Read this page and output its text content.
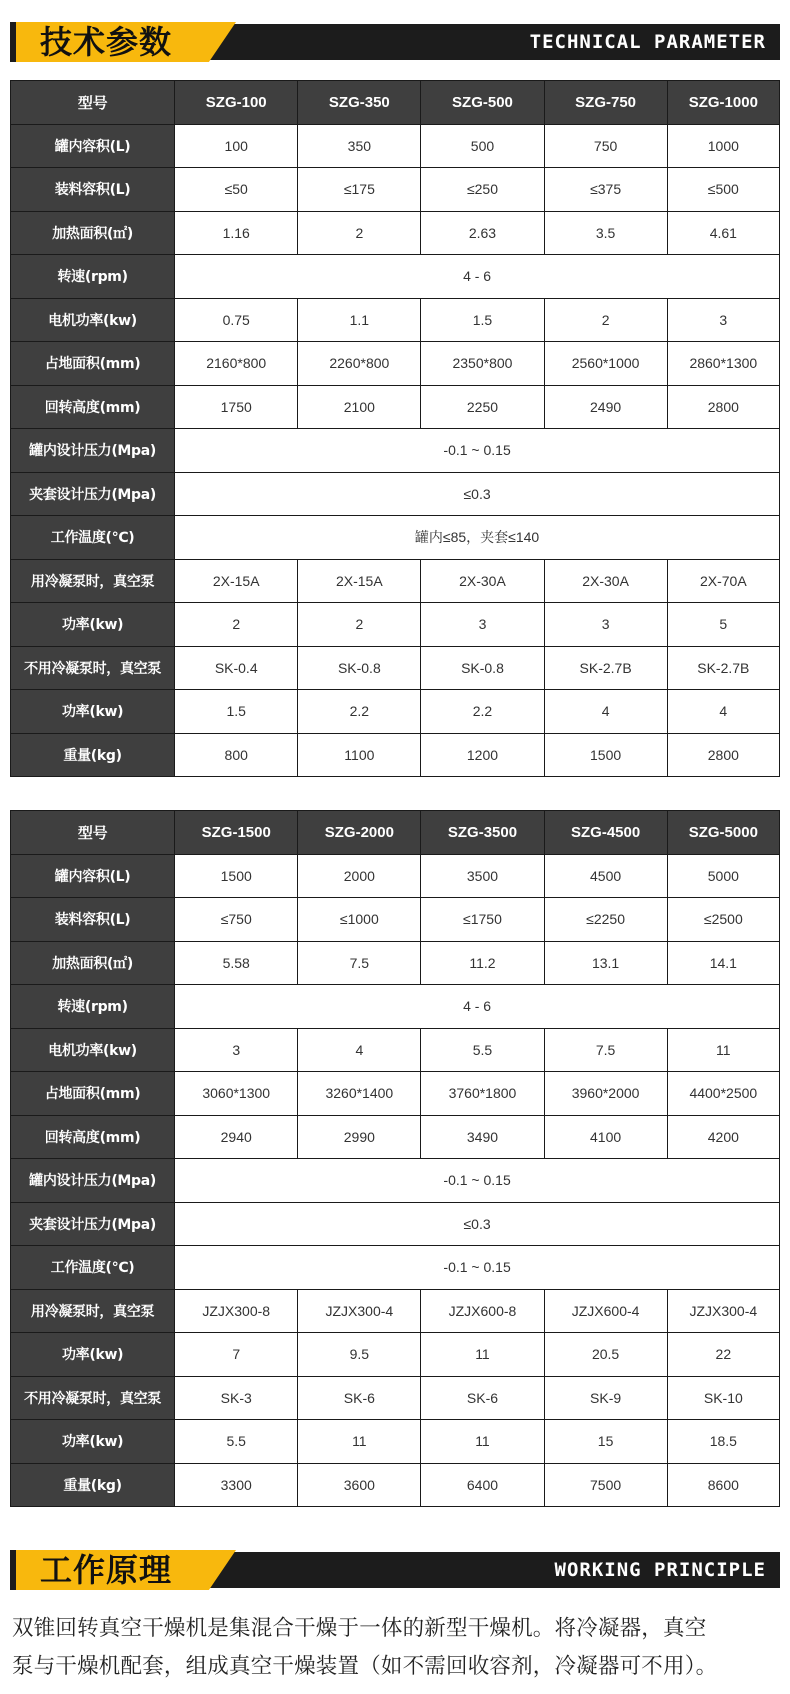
技术参数	TECHNICAL PARAMETER
型号	SZG-100	SZG-350	SZG-500	SZG-750	SZG-1000
罐内容积(L)	100	350	500	750	1000
装料容积(L)	≤50	≤175	≤250	≤375	≤500
加热面积(㎡)	1.16	2	2.63	3.5	4.61
转速(rpm)	4 - 6				
电机功率(kw)	0.75	1.1	1.5	2	3
占地面积(mm)	2160*800	2260*800	2350*800	2560*1000	2860*1300
回转高度(mm)	1750	2100	2250	2490	2800
罐内设计压力(Mpa)	-0.1 ~ 0.15				
夹套设计压力(Mpa)	≤0.3				
工作温度(℃)	罐内≤85，夹套≤140				
用冷凝泵时，真空泵	2X-15A	2X-15A	2X-30A	2X-30A	2X-70A
功率(kw)	2	2	3	3	5
不用冷凝泵时，真空泵	SK-0.4	SK-0.8	SK-0.8	SK-2.7B	SK-2.7B
功率(kw)	1.5	2.2	2.2	4	4
重量(kg)	800	1100	1200	1500	2800
型号	SZG-1500	SZG-2000	SZG-3500	SZG-4500	SZG-5000
罐内容积(L)	1500	2000	3500	4500	5000
装料容积(L)	≤750	≤1000	≤1750	≤2250	≤2500
加热面积(㎡)	5.58	7.5	11.2	13.1	14.1
转速(rpm)	4 - 6				
电机功率(kw)	3	4	5.5	7.5	11
占地面积(mm)	3060*1300	3260*1400	3760*1800	3960*2000	4400*2500
回转高度(mm)	2940	2990	3490	4100	4200
罐内设计压力(Mpa)	-0.1 ~ 0.15				
夹套设计压力(Mpa)	≤0.3				
工作温度(℃)	-0.1 ~ 0.15				
用冷凝泵时，真空泵	JZJX300-8	JZJX300-4	JZJX600-8	JZJX600-4	JZJX300-4
功率(kw)	7	9.5	11	20.5	22
不用冷凝泵时，真空泵	SK-3	SK-6	SK-6	SK-9	SK-10
功率(kw)	5.5	11	11	15	18.5
重量(kg)	3300	3600	6400	7500	8600
工作原理	WORKING PRINCIPLE
双锥回转真空干燥机是集混合干燥于一体的新型干燥机。将冷凝器，真空
泵与干燥机配套，组成真空干燥装置（如不需回收容剂，冷凝器可不用）。
